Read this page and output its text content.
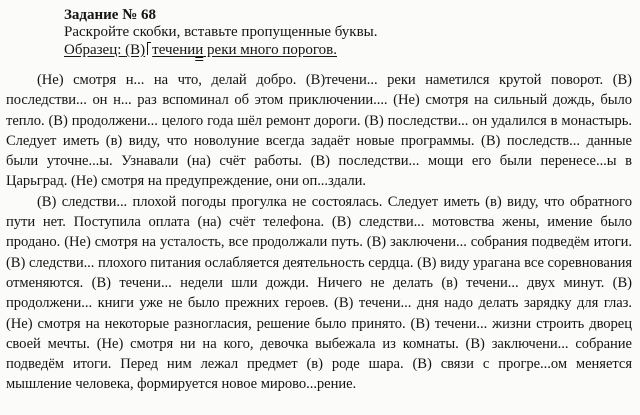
Задание № 68

Раскройте скобки, вставьте пропущенные буквы.

Образец: (В) течении реки много порогов.

(Не) смотря н... на что, делай добро. (В)течени... реки наметился крутой поворот. (В) последстви... он н... раз вспоминал об этом приключении.... (Не) смотря на сильный дождь, было тепло. (В) продолжени... целого года шёл ремонт дороги. (В) последстви... он удалился в монастырь. Следует иметь (в) виду, что новолуние всегда задаёт новые программы. (В) последств... данные были уточне...ы. Узнавали (на) счёт работы. (В) последстви... мощи его были перенесе...ы в Царьград. (Не) смотря на предупреждение, они оп...здали.

(В) следстви... плохой погоды прогулка не состоялась. Следует иметь (в) виду, что обратного пути нет. Поступила оплата (на) счёт телефона. (В) следстви... мотовства жены, имение было продано. (Не) смотря на усталость, все продолжали путь. (В) заключени... собрания подведём итоги. (В) следстви... плохого питания ослабляется деятельность сердца. (В) виду урагана все соревнования отменяются. (В) течени... недели шли дожди. Ничего не делать (в) течени... двух минут. (В) продолжени... книги уже не было прежних героев. (В) течени... дня надо делать зарядку для глаз. (Не) смотря на некоторые разногласия, решение было принято. (В) течени... жизни строить дворец своей мечты. (Не) смотря ни на кого, девочка выбежала из комнаты. (В) заключени... собрание подведём итоги. Перед ним лежал предмет (в) роде шара. (В) связи с прогре...ом меняется мышление человека, формируется новое мирово...рение.
